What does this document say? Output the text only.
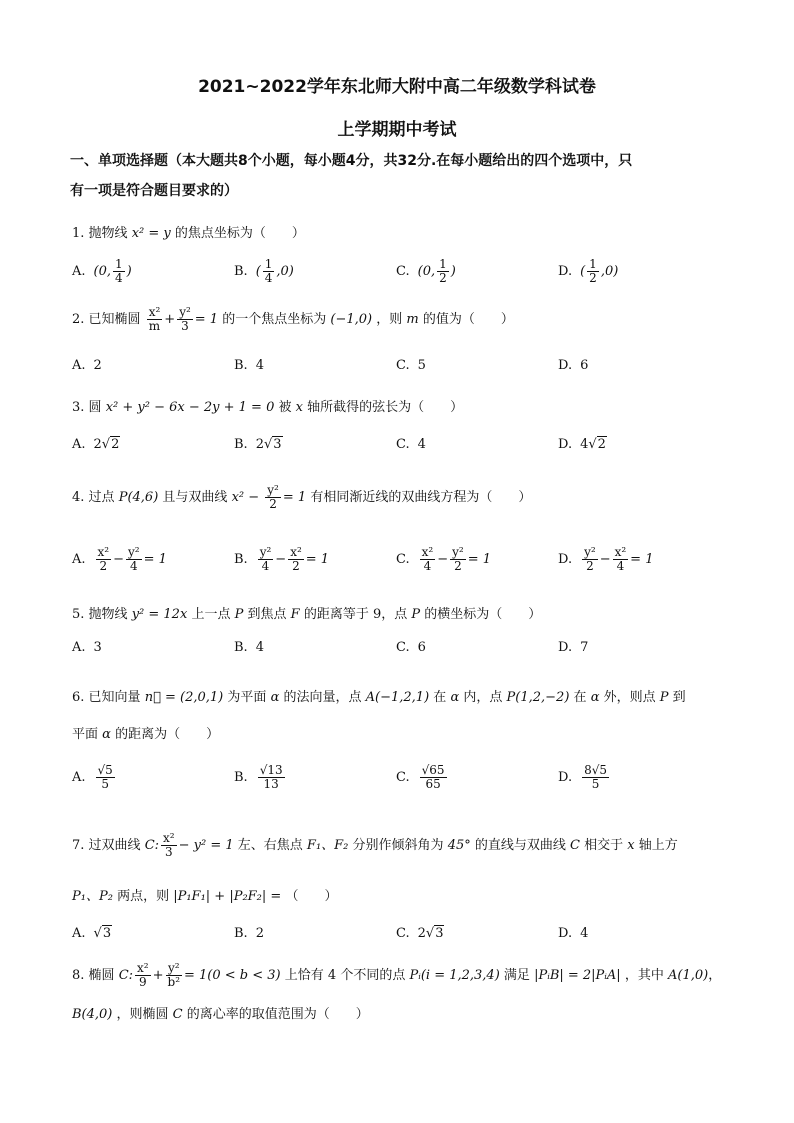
2021~2022学年东北师大附中高二年级数学科试卷
上学期期中考试
一、单项选择题（本大题共8个小题，每小题4分，共32分.在每小题给出的四个选项中，只
有一项是符合题目要求的）
1. 抛物线 x² = y 的焦点坐标为（　　）
A. (0, $\frac{1}{4}$ )	B. ( $\frac{1}{4} ,0$)	C. (0, $\frac{1}{2}$ )	D. ( $\frac{1}{2} ,0$)
2. 已知椭圆 $\frac{\text{x²}}{m} + \frac{\text{y²}}{3} = 1$ 的一个焦点坐标为 (−1,0) ，则 m 的值为（　　）
A. 2	B. 4	C. 5	D. 6
3. 圆 x² + y² − 6x − 2y + 1 = 0 被 x 轴所截得的弦长为（　　）
A. 2√2	B. 2√3	C. 4	D. 4√2
4. 过点 P(4,6) 且与双曲线 $x^2 - \frac{\text{y²}}{2} = 1$ 有相同渐近线的双曲线方程为（　　）
A. $\frac{\text{x²}}{2} - \frac{\text{y²}}{4} = 1$	B. $\frac{\text{y²}}{4} - \frac{\text{x²}}{2} = 1$	C. $\frac{\text{x²}}{4} - \frac{\text{y²}}{2} = 1$	D. $\frac{\text{y²}}{2} - \frac{\text{x²}}{4} = 1$
5. 抛物线 y² = 12x 上一点 P 到焦点 F 的距离等于 9，点 P 的横坐标为（　　）
A. 3	B. 4	C. 6	D. 7
6. 已知向量 n⃗ = (2,0,1) 为平面 α 的法向量，点 A(−1,2,1) 在 α 内，点 P(1,2,−2) 在 α 外，则点 P 到
平面 α 的距离为（　　）
A. $\frac{√5}{5}$	B. $\frac{√13}{13}$	C. $\frac{√65}{65}$	D. $\frac{8√5}{5}$
7. 过双曲线 C: $\frac{\text{x²}}{3} - y^2 = 1$ 左、右焦点 F₁、F₂ 分别作倾斜角为 45° 的直线与双曲线 C 相交于 x 轴上方
P₁、P₂ 两点，则 |P₁F₁| + |P₂F₂| = （　　）
A. √3	B. 2	C. 2√3	D. 4
8. 椭圆 C: $\frac{\text{x²}}{9} + \frac{\text{y²}}{\text{b²}} = 1(0 < b < 3)$ 上恰有 4 个不同的点 Pᵢ(i = 1,2,3,4) 满足 |PᵢB| = 2|PᵢA| ，其中 A(1,0)，
B(4,0) ，则椭圆 C 的离心率的取值范围为（　　）
